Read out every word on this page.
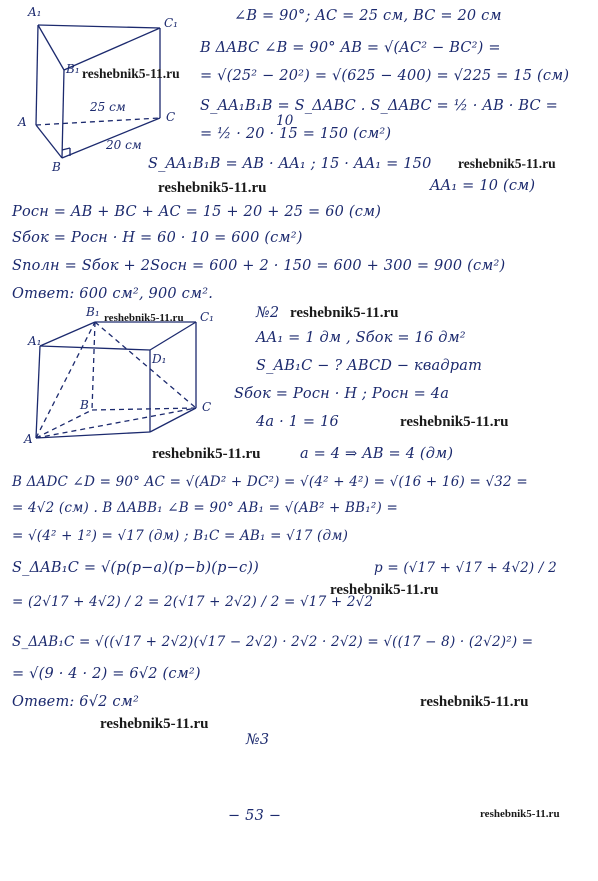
A₁
C₁
B₁
A	C
B
25 см
20 см
∠B = 90°; AC = 25 см, BC = 20 см
В ΔABC ∠B = 90° AB = √(AC² − BC²) =
= √(25² − 20²) = √(625 − 400) = √225 = 15 (см)
S_AA₁B₁B = S_ΔABC . S_ΔABC = ½ · AB · BC =
10
= ½ · 20 · 15 = 150 (см²)
S_AA₁B₁B = AB · AA₁ ; 15 · AA₁ = 150
AA₁ = 10 (см)
Pосн = AB + BC + AC = 15 + 20 + 25 = 60 (см)
Sбок = Pосн · H = 60 · 10 = 600 (см²)
Sполн = Sбок + 2Sосн = 600 + 2 · 150 = 600 + 300 = 900 (см²)
Ответ: 600 см², 900 см².
B₁	C₁
A₁
D₁
B
A
C
№2
AA₁ = 1 дм , Sбок = 16 дм²
S_AB₁C − ? ABCD − квадрат
Sбок = Pосн · H ; Pосн = 4a
4a · 1 = 16
a = 4 ⇒ AB = 4 (дм)
В ΔADC ∠D = 90° AC = √(AD² + DC²) = √(4² + 4²) = √(16 + 16) = √32 =
= 4√2 (см) . В ΔABB₁ ∠B = 90° AB₁ = √(AB² + BB₁²) =
= √(4² + 1²) = √17 (дм) ; B₁C = AB₁ = √17 (дм)
S_ΔAB₁C = √(p(p−a)(p−b)(p−c))	p = (√17 + √17 + 4√2) / 2
= (2√17 + 4√2) / 2 = 2(√17 + 2√2) / 2 = √17 + 2√2
S_ΔAB₁C = √((√17 + 2√2)(√17 − 2√2) · 2√2 · 2√2) = √((17 − 8) · (2√2)²) =
= √(9 · 4 · 2) = 6√2 (см²)
Ответ: 6√2 см²
№3
− 53 −
reshebnik5-11.ru
reshebnik5-11.ru
reshebnik5-11.ru
reshebnik5-11.ru	reshebnik5-11.ru
reshebnik5-11.ru
reshebnik5-11.ru
reshebnik5-11.ru
reshebnik5-11.ru
reshebnik5-11.ru
reshebnik5-11.ru
